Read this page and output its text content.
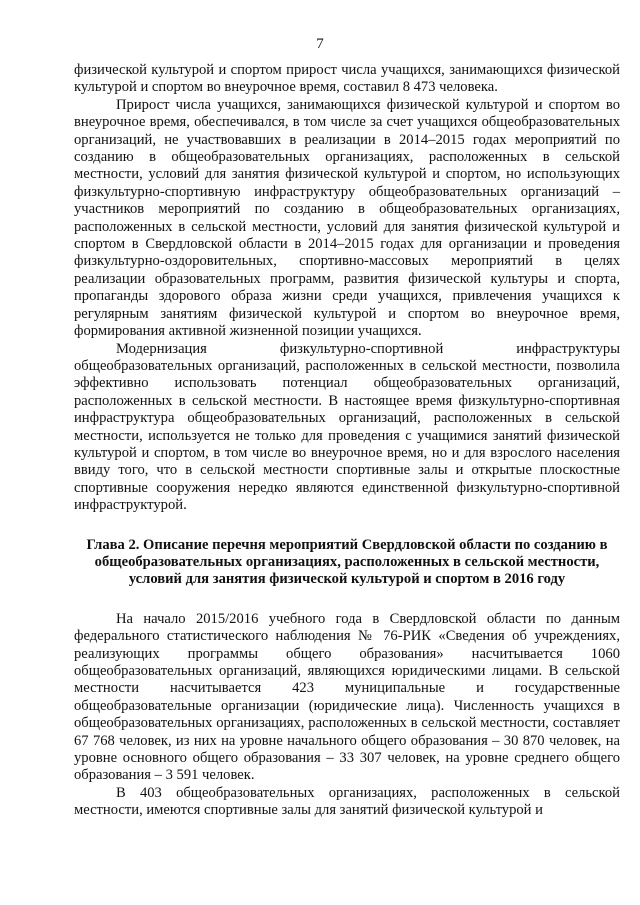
7

физической культурой и спортом прирост числа учащихся, занимающихся физической культурой и спортом во внеурочное время, составил 8 473 человека.

Прирост числа учащихся, занимающихся физической культурой и спортом во внеурочное время, обеспечивался, в том числе за счет учащихся общеобразовательных организаций, не участвовавших в реализации в 2014–2015 годах мероприятий по созданию в общеобразовательных организациях, расположенных в сельской местности, условий для занятия физической культурой и спортом, но использующих физкультурно-спортивную инфраструктуру общеобразовательных организаций – участников мероприятий по созданию в общеобразовательных организациях, расположенных в сельской местности, условий для занятия физической культурой и спортом в Свердловской области в 2014–2015 годах для организации и проведения физкультурно-оздоровительных, спортивно-массовых мероприятий в целях реализации образовательных программ, развития физической культуры и спорта, пропаганды здорового образа жизни среди учащихся, привлечения учащихся к регулярным занятиям физической культурой и спортом во внеурочное время, формирования активной жизненной позиции учащихся.

Модернизация физкультурно-спортивной инфраструктуры общеобразовательных организаций, расположенных в сельской местности, позволила эффективно использовать потенциал общеобразовательных организаций, расположенных в сельской местности. В настоящее время физкультурно-спортивная инфраструктура общеобразовательных организаций, расположенных в сельской местности, используется не только для проведения с учащимися занятий физической культурой и спортом, в том числе во внеурочное время, но и для взрослого населения ввиду того, что в сельской местности спортивные залы и открытые плоскостные спортивные сооружения нередко являются единственной физкультурно-спортивной инфраструктурой.

Глава 2. Описание перечня мероприятий Свердловской области по созданию в общеобразовательных организациях, расположенных в сельской местности, условий для занятия физической культурой и спортом в 2016 году

На начало 2015/2016 учебного года в Свердловской области по данным федерального статистического наблюдения № 76-РИК «Сведения об учреждениях, реализующих программы общего образования» насчитывается 1060 общеобразовательных организаций, являющихся юридическими лицами. В сельской местности насчитывается 423 муниципальные и государственные общеобразовательные организации (юридические лица). Численность учащихся в общеобразовательных организациях, расположенных в сельской местности, составляет 67 768 человек, из них на уровне начального общего образования – 30 870 человек, на уровне основного общего образования – 33 307 человек, на уровне среднего общего образования – 3 591 человек.

В 403 общеобразовательных организациях, расположенных в сельской местности, имеются спортивные залы для занятий физической культурой и
